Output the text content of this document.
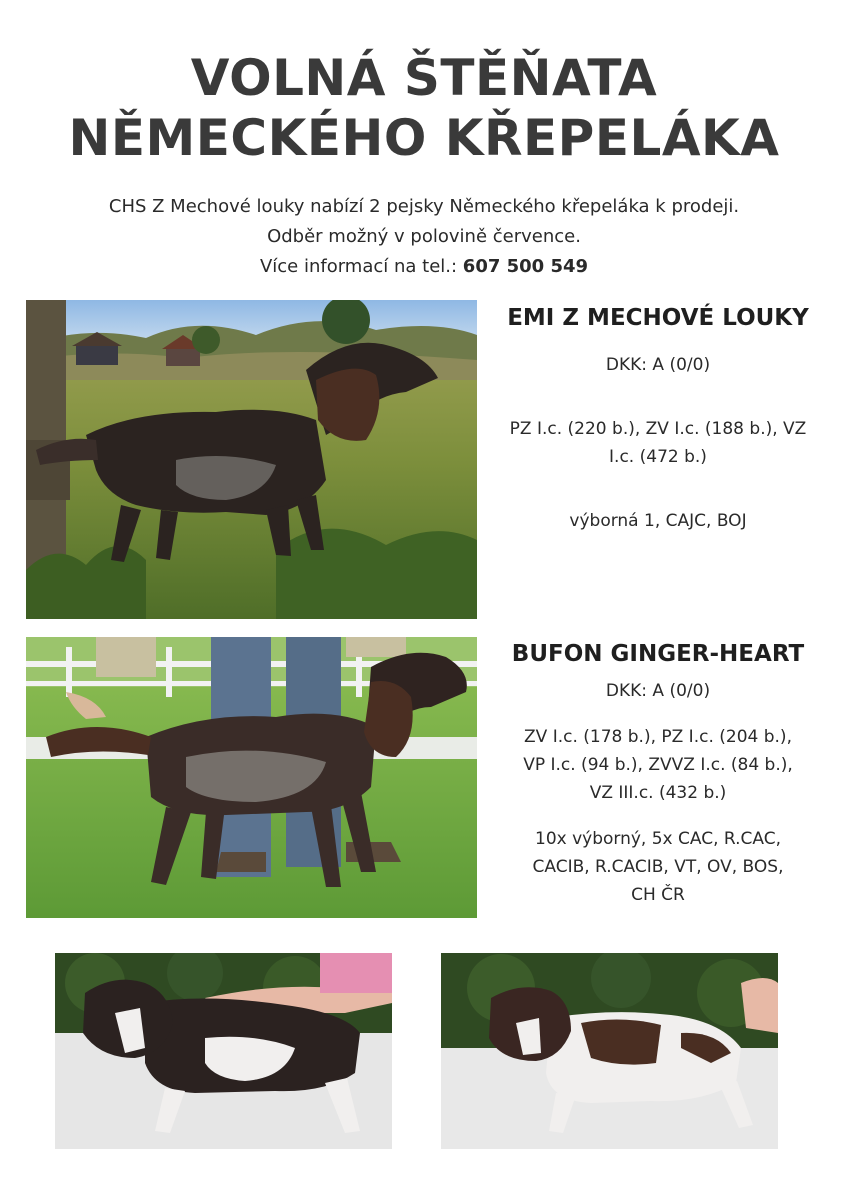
VOLNÁ ŠTĚŇATA
NĚMECKÉHO KŘEPELÁKA
CHS Z Mechové louky nabízí 2 pejsky Německého křepeláka k prodeji.
Odběr možný v polovině července.
Více informací na tel.: 607 500 549

EMI Z MECHOVÉ LOUKY

DKK: A (0/0)

PZ I.c. (220 b.), ZV I.c. (188 b.), VZ

I.c. (472 b.)

výborná 1, CAJC, BOJ

BUFON GINGER-HEART

DKK: A (0/0)

ZV I.c. (178 b.), PZ I.c. (204 b.),

VP I.c. (94 b.), ZVVZ I.c. (84 b.),

VZ III.c. (432 b.)

10x výborný, 5x CAC, R.CAC,

CACIB, R.CACIB, VT, OV, BOS,

CH ČR
